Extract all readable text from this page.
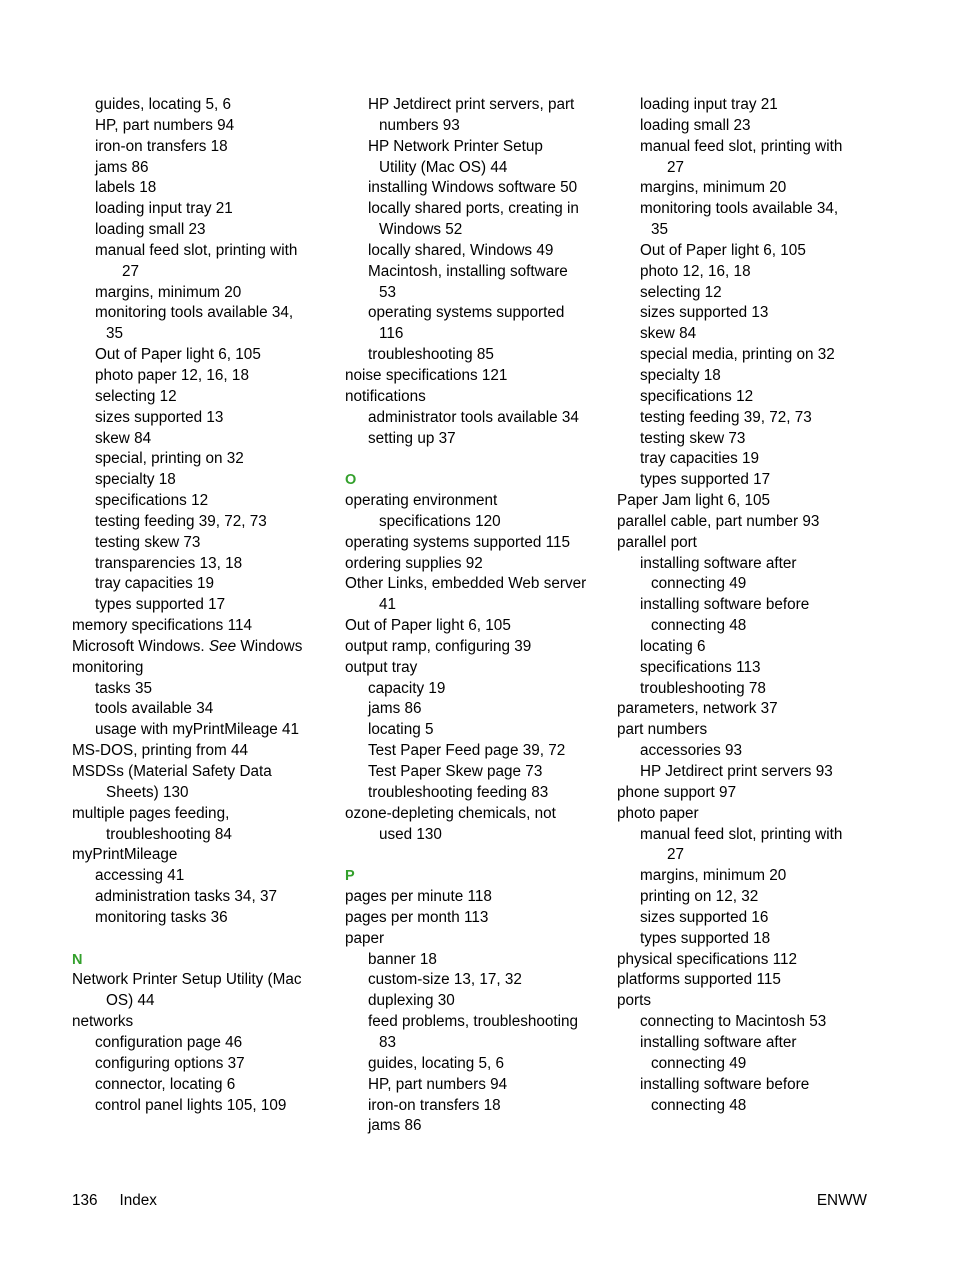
guides, locating 5, 6
HP, part numbers 94
iron-on transfers 18
jams 86
labels 18
loading input tray 21
loading small 23
manual feed slot, printing with
27
margins, minimum 20
monitoring tools available 34,
35
Out of Paper light 6, 105
photo paper 12, 16, 18
selecting 12
sizes supported 13
skew 84
special, printing on 32
specialty 18
specifications 12
testing feeding 39, 72, 73
testing skew 73
transparencies 13, 18
tray capacities 19
types supported 17
memory specifications 114
Microsoft Windows. See Windows
monitoring
tasks 35
tools available 34
usage with myPrintMileage 41
MS-DOS, printing from 44
MSDSs (Material Safety Data
Sheets) 130
multiple pages feeding,
troubleshooting 84
myPrintMileage
accessing 41
administration tasks 34, 37
monitoring tasks 36
N
Network Printer Setup Utility (Mac
OS) 44
networks
configuration page 46
configuring options 37
connector, locating 6
control panel lights 105, 109
HP Jetdirect print servers, part
numbers 93
HP Network Printer Setup
Utility (Mac OS) 44
installing Windows software 50
locally shared ports, creating in
Windows 52
locally shared, Windows 49
Macintosh, installing software
53
operating systems supported
116
troubleshooting 85
noise specifications 121
notifications
administrator tools available 34
setting up 37
O
operating environment
specifications 120
operating systems supported 115
ordering supplies 92
Other Links, embedded Web server
41
Out of Paper light 6, 105
output ramp, configuring 39
output tray
capacity 19
jams 86
locating 5
Test Paper Feed page 39, 72
Test Paper Skew page 73
troubleshooting feeding 83
ozone-depleting chemicals, not
used 130
P
pages per minute 118
pages per month 113
paper
banner 18
custom-size 13, 17, 32
duplexing 30
feed problems, troubleshooting
83
guides, locating 5, 6
HP, part numbers 94
iron-on transfers 18
jams 86
loading input tray 21
loading small 23
manual feed slot, printing with
27
margins, minimum 20
monitoring tools available 34,
35
Out of Paper light 6, 105
photo 12, 16, 18
selecting 12
sizes supported 13
skew 84
special media, printing on 32
specialty 18
specifications 12
testing feeding 39, 72, 73
testing skew 73
tray capacities 19
types supported 17
Paper Jam light 6, 105
parallel cable, part number 93
parallel port
installing software after
connecting 49
installing software before
connecting 48
locating 6
specifications 113
troubleshooting 78
parameters, network 37
part numbers
accessories 93
HP Jetdirect print servers 93
phone support 97
photo paper
manual feed slot, printing with
27
margins, minimum 20
printing on 12, 32
sizes supported 16
types supported 18
physical specifications 112
platforms supported 115
ports
connecting to Macintosh 53
installing software after
connecting 49
installing software before
connecting 48
136 Index	ENWW
